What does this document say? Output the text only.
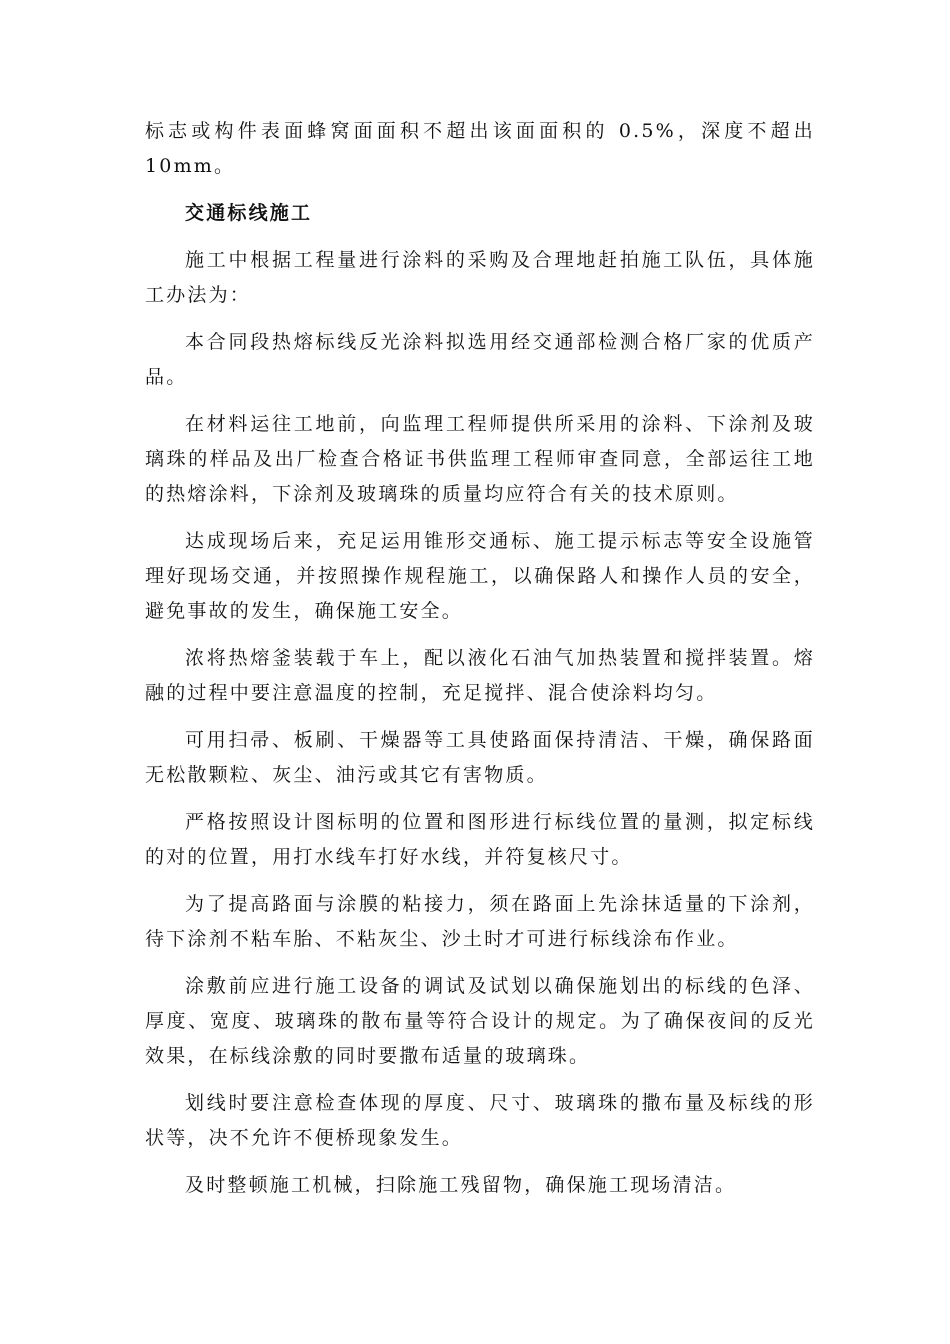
标志或构件表面蜂窝面面积不超出该面面积的 0.5%，深度不超出 10mm。

交通标线施工

施工中根据工程量进行涂料的采购及合理地赶拍施工队伍，具体施工办法为：

本合同段热熔标线反光涂料拟选用经交通部检测合格厂家的优质产品。

在材料运往工地前，向监理工程师提供所采用的涂料、下涂剂及玻璃珠的样品及出厂检查合格证书供监理工程师审查同意，全部运往工地的热熔涂料，下涂剂及玻璃珠的质量均应符合有关的技术原则。

达成现场后来，充足运用锥形交通标、施工提示标志等安全设施管理好现场交通，并按照操作规程施工，以确保路人和操作人员的安全，避免事故的发生，确保施工安全。

浓将热熔釜装载于车上，配以液化石油气加热装置和搅拌装置。熔融的过程中要注意温度的控制，充足搅拌、混合使涂料均匀。

可用扫帚、板刷、干燥器等工具使路面保持清洁、干燥，确保路面无松散颗粒、灰尘、油污或其它有害物质。

严格按照设计图标明的位置和图形进行标线位置的量测，拟定标线的对的位置，用打水线车打好水线，并符复核尺寸。

为了提高路面与涂膜的粘接力，须在路面上先涂抹适量的下涂剂，待下涂剂不粘车胎、不粘灰尘、沙土时才可进行标线涂布作业。

涂敷前应进行施工设备的调试及试划以确保施划出的标线的色泽、厚度、宽度、玻璃珠的散布量等符合设计的规定。为了确保夜间的反光效果，在标线涂敷的同时要撒布适量的玻璃珠。

划线时要注意检查体现的厚度、尺寸、玻璃珠的撒布量及标线的形状等，决不允许不便桥现象发生。

及时整顿施工机械，扫除施工残留物，确保施工现场清洁。
